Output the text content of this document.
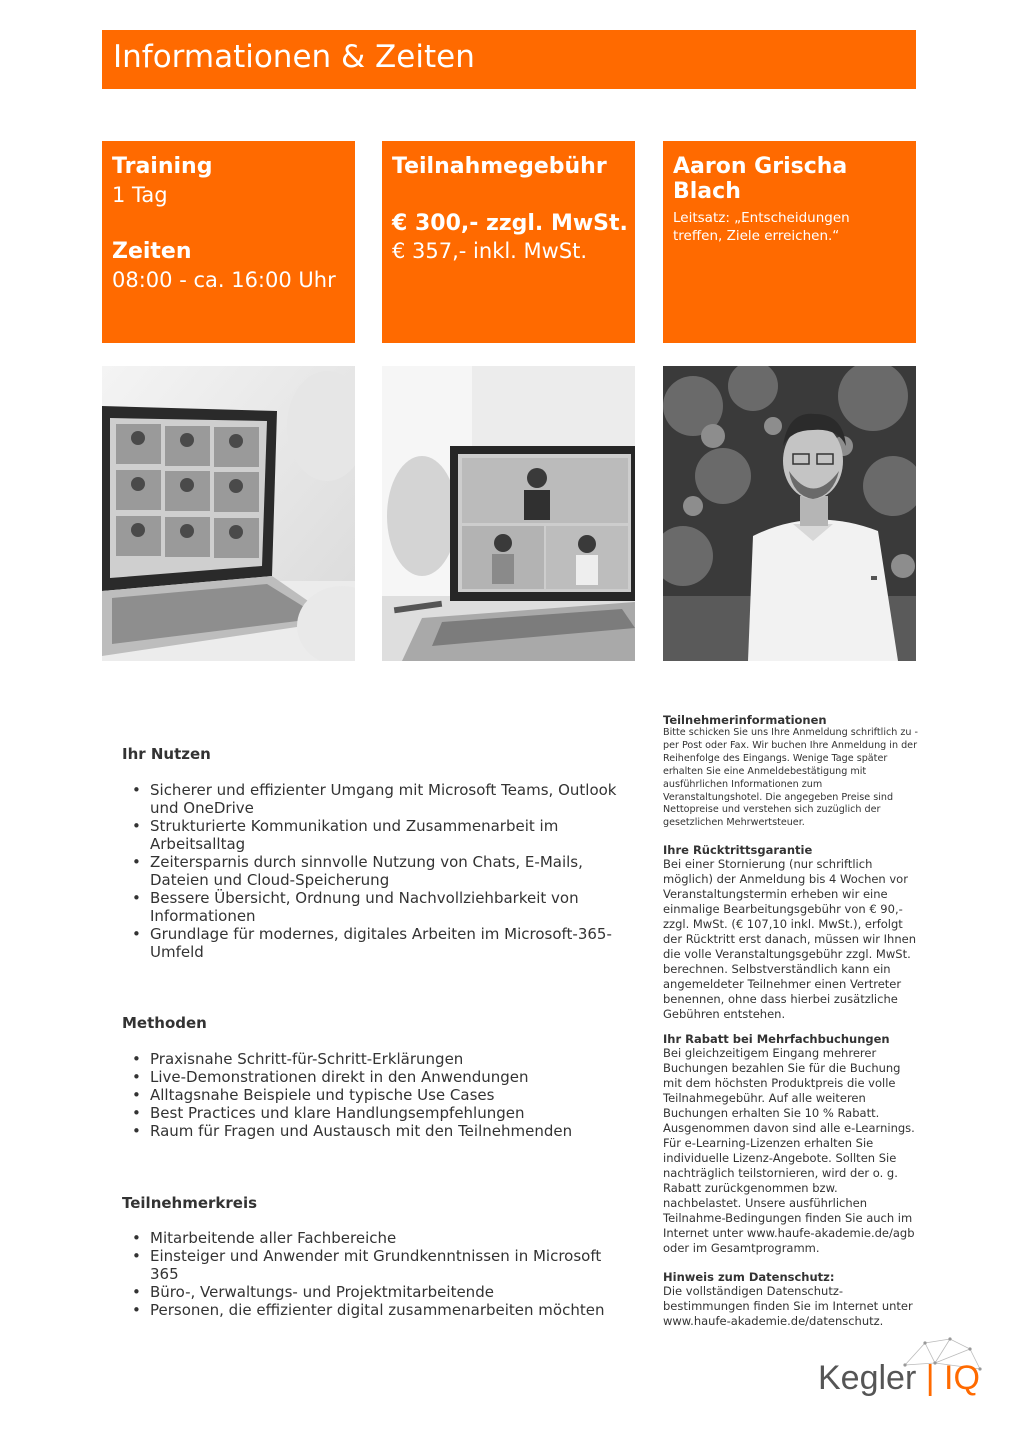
Informationen & Zeiten
Training
1 Tag
Zeiten
08:00 - ca. 16:00 Uhr
Teilnahmegebühr
€ 300,- zzgl. MwSt.
€ 357,- inkl. MwSt.
Aaron Grischa Blach
Leitsatz: „Entscheidungen treffen, Ziele erreichen.“
Ihr Nutzen
• Sicherer und effizienter Umgang mit Microsoft Teams, Outlook und OneDrive
• Strukturierte Kommunikation und Zusammenarbeit im Arbeitsalltag
• Zeitersparnis durch sinnvolle Nutzung von Chats, E-Mails, Dateien und Cloud-Speicherung
• Bessere Übersicht, Ordnung und Nachvollziehbarkeit von Informationen
• Grundlage für modernes, digitales Arbeiten im Microsoft-365-Umfeld
Methoden
• Praxisnahe Schritt-für-Schritt-Erklärungen
• Live-Demonstrationen direkt in den Anwendungen
• Alltagsnahe Beispiele und typische Use Cases
• Best Practices und klare Handlungsempfehlungen
• Raum für Fragen und Austausch mit den Teilnehmenden
Teilnehmerkreis
• Mitarbeitende aller Fachbereiche
• Einsteiger und Anwender mit Grundkenntnissen in Microsoft 365
• Büro-, Verwaltungs- und Projektmitarbeitende
• Personen, die effizienter digital zusammenarbeiten möchten
Teilnehmerinformationen
Bitte schicken Sie uns Ihre Anmeldung schriftlich zu - per Post oder Fax. Wir buchen Ihre Anmeldung in der Reihenfolge des Eingangs. Wenige Tage später erhalten Sie eine Anmeldebestätigung mit ausführlichen Informationen zum Veranstaltungshotel. Die angegeben Preise sind Nettopreise und verstehen sich zuzüglich der gesetzlichen Mehrwertsteuer.
Ihre Rücktrittsgarantie
Bei einer Stornierung (nur schriftlich möglich) der Anmeldung bis 4 Wochen vor Veranstaltungstermin erheben wir eine einmalige Bearbeitungsgebühr von € 90,-zzgl. MwSt. (€ 107,10 inkl. MwSt.), erfolgt der Rücktritt erst danach, müssen wir Ihnen die volle Veranstaltungsgebühr zzgl. MwSt. berechnen. Selbstverständlich kann ein angemeldeter Teilnehmer einen Vertreter benennen, ohne dass hierbei zusätzliche Gebühren entstehen.
Ihr Rabatt bei Mehrfachbuchungen
Bei gleichzeitigem Eingang mehrerer Buchungen bezahlen Sie für die Buchung mit dem höchsten Produktpreis die volle Teilnahmegebühr. Auf alle weiteren Buchungen erhalten Sie 10 % Rabatt. Ausgenommen davon sind alle e-Learnings. Für e-Learning-Lizenzen erhalten Sie individuelle Lizenz-Angebote. Sollten Sie nachträglich teilstornieren, wird der o. g. Rabatt zurückgenommen bzw. nachbelastet. Unsere ausführlichen Teilnahme-Bedingungen finden Sie auch im Internet unter www.haufe-akademie.de/agb oder im Gesamtprogramm.
Hinweis zum Datenschutz:
Die vollständigen Datenschutz-bestimmungen finden Sie im Internet unter www.haufe-akademie.de/datenschutz.
Kegler | IQ
